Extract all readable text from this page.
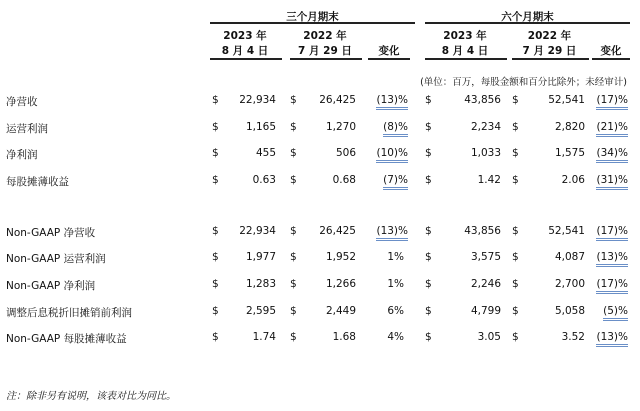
三个月期末	六个月期末
2023 年	2022 年	2023 年	2022 年
8 月 4 日	7 月 29 日	8 月 4 日	7 月 29 日
变化	变化
(单位：百万，每股金额和百分比除外；未经审计)
净营收	$	22,934 $	26,425	(13)% $	43,856 $	52,541	(17)%
运营利润	$	1,165 $	1,270	(8)% $	2,234 $	2,820	(21)%
净利润	$	455 $	506	(10)% $	1,033 $	1,575	(34)%
每股摊薄收益	$	0.63 $	0.68	(7)% $	1.42 $	2.06	(31)%
Non-GAAP 净营收	$	22,934 $	26,425	(13)% $	43,856 $	52,541	(17)%
Non-GAAP 运营利润	$	1,977 $	1,952	1% $	3,575 $	4,087	(13)%
Non-GAAP 净利润	$	1,283 $	1,266	1% $	2,246 $	2,700	(17)%
调整后息税折旧摊销前利润	$	2,595 $	2,449	6% $	4,799 $	5,058	(5)%
Non-GAAP 每股摊薄收益	$	1.74 $	1.68	4% $	3.05 $	3.52	(13)%
注：除非另有说明，该表对比为同比。
